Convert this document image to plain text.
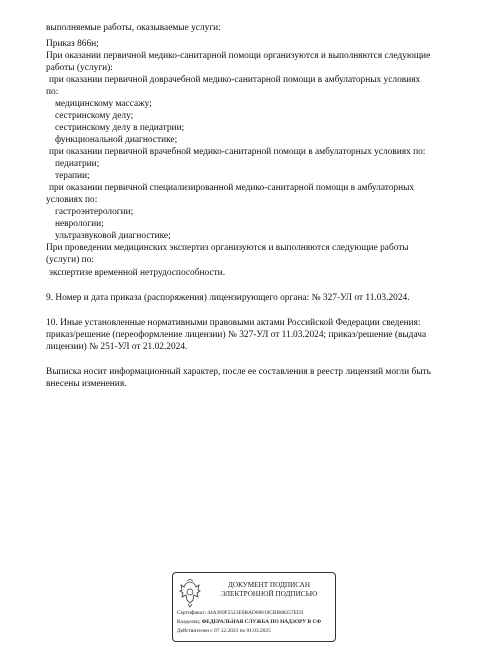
выполняемые работы, оказываемые услуги:
Приказ 866н;
При оказании первичной медико-санитарной помощи организуются и выполняются следующие
работы (услуги):
при оказании первичной доврачебной медико-санитарной помощи в амбулаторных условиях
по:
медицинскому массажу;
сестринскому делу;
сестринскому делу в педиатрии;
функциональной диагностике;
при оказании первичной врачебной медико-санитарной помощи в амбулаторных условиях по:
педиатрии;
терапии;
при оказании первичной специализированной медико-санитарной помощи в амбулаторных
условиях по:
гастроэнтерологии;
неврологии;
ультразвуковой диагностике;
При проведении медицинских экспертиз организуются и выполняются следующие работы
(услуги) по:
экспертизе временной нетрудоспособности.
9. Номер и дата приказа (распоряжения) лицензирующего органа: № 327-УЛ от 11.03.2024.
10. Иные установленные нормативными правовыми актами Российской Федерации сведения:
приказ/решение (переоформление лицензии) № 327-УЛ от 11.03.2024; приказ/решение (выдача
лицензии) № 251-УЛ от 21.02.2024.
Выписка носит информационный характер, после ее составления в реестр лицензий могли быть
внесены изменения.
ДОКУМЕНТ ПОДПИСАН
ЭЛЕКТРОННОЙ ПОДПИСЬЮ
Сертификат: 44A369F5521E0BAD08610CBB88257ED3
Владелец: ФЕДЕРАЛЬНАЯ СЛУЖБА ПО НАДЗОРУ В СФ
Действителен с 07.12.2023 по 01.03.2025
